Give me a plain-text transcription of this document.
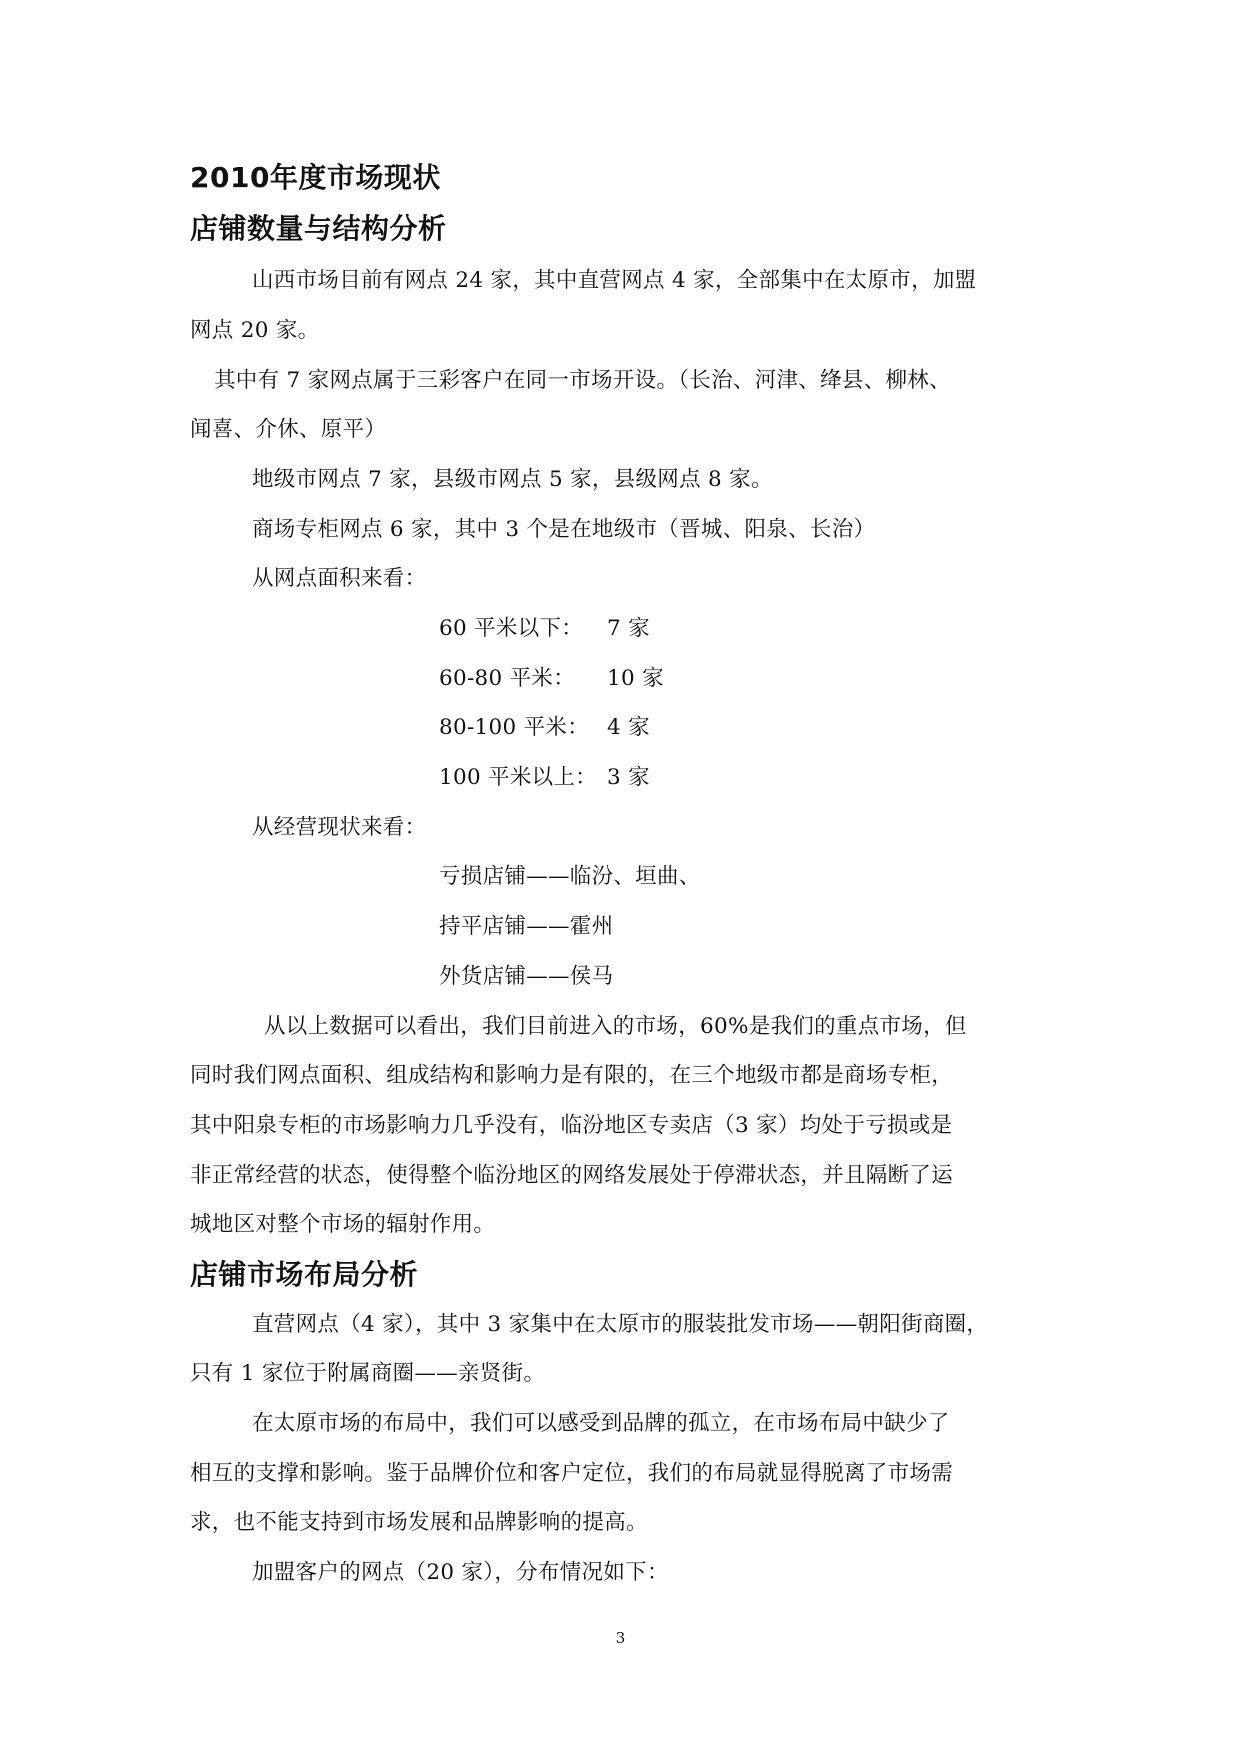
2010年度市场现状
店铺数量与结构分析
山西市场目前有网点 24 家，其中直营网点 4 家，全部集中在太原市，加盟
网点 20 家。
其中有 7 家网点属于三彩客户在同一市场开设。（长治、河津、绛县、柳林、
闻喜、介休、原平）
地级市网点 7 家，县级市网点 5 家，县级网点 8 家。
商场专柜网点 6 家，其中 3 个是在地级市（晋城、阳泉、长治）
从网点面积来看：
60 平米以下： 7 家
60-80 平米： 10 家
80-100 平米： 4 家
100 平米以上： 3 家
从经营现状来看：
亏损店铺——临汾、垣曲、
持平店铺——霍州
外货店铺——侯马
从以上数据可以看出，我们目前进入的市场，60%是我们的重点市场，但
同时我们网点面积、组成结构和影响力是有限的，在三个地级市都是商场专柜，
其中阳泉专柜的市场影响力几乎没有，临汾地区专卖店（3 家）均处于亏损或是
非正常经营的状态，使得整个临汾地区的网络发展处于停滞状态，并且隔断了运
城地区对整个市场的辐射作用。
店铺市场布局分析
直营网点（4 家），其中 3 家集中在太原市的服装批发市场——朝阳街商圈，
只有 1 家位于附属商圈——亲贤街。
在太原市场的布局中，我们可以感受到品牌的孤立，在市场布局中缺少了
相互的支撑和影响。鉴于品牌价位和客户定位，我们的布局就显得脱离了市场需
求，也不能支持到市场发展和品牌影响的提高。
加盟客户的网点（20 家），分布情况如下：
3
